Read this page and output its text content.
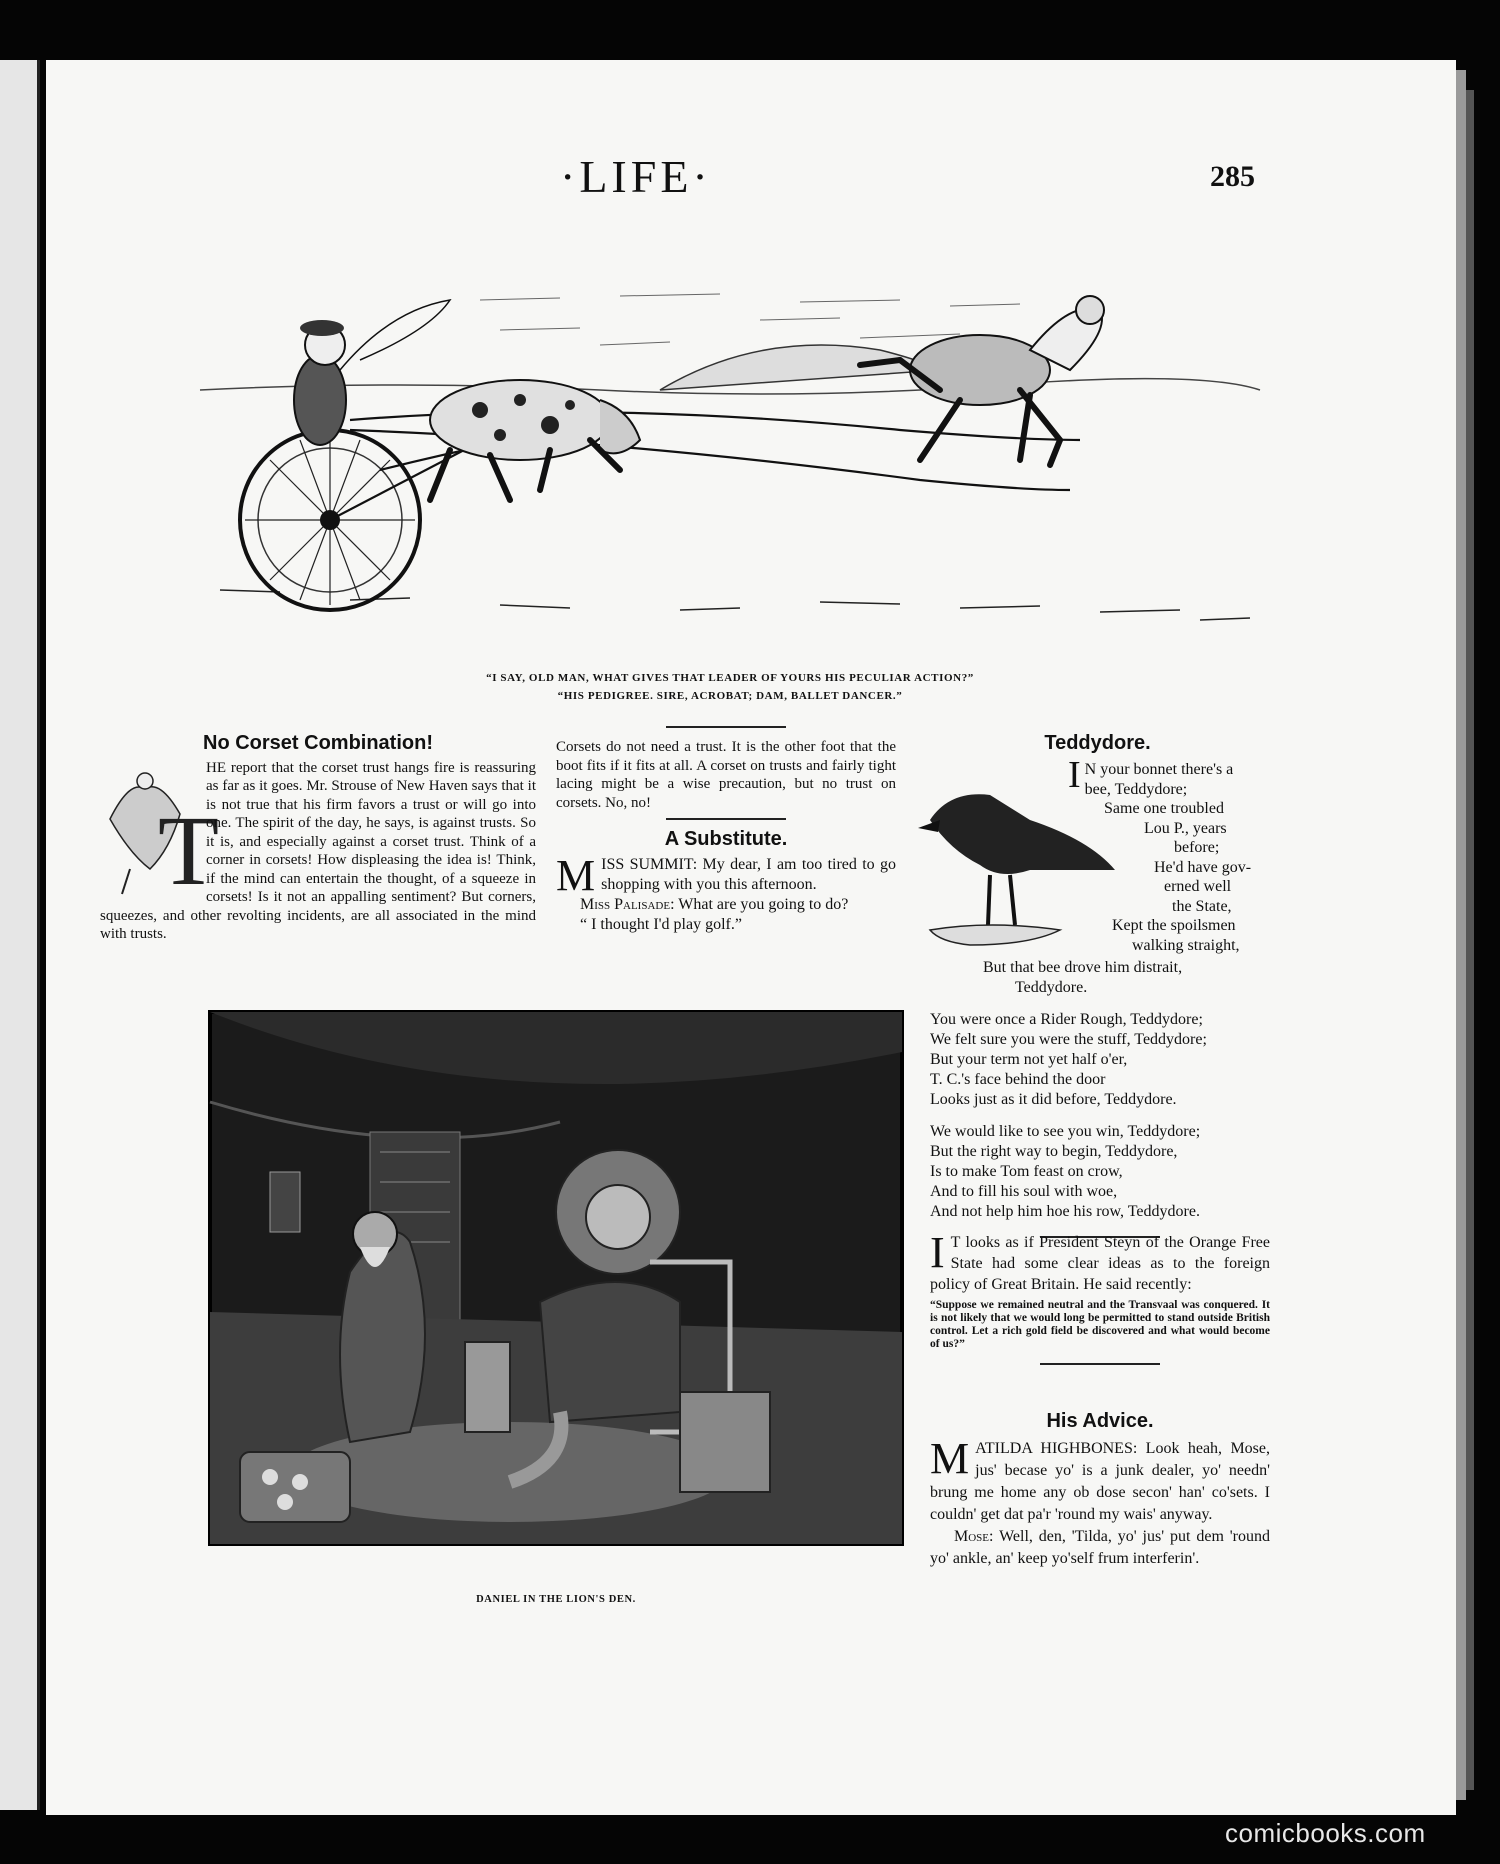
·LIFE·	285
“I SAY, OLD MAN, WHAT GIVES THAT LEADER OF YOURS HIS PECULIAR ACTION?”
“HIS PEDIGREE. SIRE, ACROBAT; DAM, BALLET DANCER.”
No Corset Combination!
T
HE report that the corset trust hangs fire is reassuring as far as it goes. Mr. Strouse of New Haven says that it is not true that his firm favors a trust or will go into one. The spirit of the day, he says, is against trusts. So it is, and especially against a corset trust. Think of a corner in corsets! How displeasing the idea is! Think, if the mind can entertain the thought, of a squeeze in corsets! Is it not an appalling sentiment? But corners, squeezes, and other revolting incidents, are all associated in the mind with trusts.
Corsets do not need a trust. It is the other foot that the boot fits if it fits at all. A corset on trusts and fairly tight lacing might be a wise precaution, but no trust on corsets. No, no!
A Substitute.
M ISS SUMMIT: My dear, I am too tired to go shopping with you this afternoon.

Miss Palisade: What are you going to do?

“ I thought I'd play golf.”

Teddydore.
I N your bonnet there's a
bee, Teddydore;
Same one troubled
Lou P., years
before;
He'd have gov-
erned well
the State,
Kept the spoilsmen
walking straight,
But that bee drove him distrait,
Teddydore.
You were once a Rider Rough, Teddydore;
We felt sure you were the stuff, Teddydore;
But your term not yet half o'er,
T. C.'s face behind the door
Looks just as it did before, Teddydore.
We would like to see you win, Teddydore;
But the right way to begin, Teddydore,
Is to make Tom feast on crow,
And to fill his soul with woe,
And not help him hoe his row, Teddydore.
I T looks as if President Steyn of the Orange Free State had some clear ideas as to the foreign policy of Great Britain. He said recently:
“Suppose we remained neutral and the Transvaal was conquered. It is not likely that we would long be permitted to stand outside British control. Let a rich gold field be discovered and what would become of us?”
His Advice.
M ATILDA HIGHBONES: Look heah, Mose, jus' becase yo' is a junk dealer, yo' needn' brung me home any ob dose secon' han' co'sets. I couldn' get dat pa'r 'round my wais' anyway.

Mose: Well, den, 'Tilda, yo' jus' put dem 'round yo' ankle, an' keep yo'self frum interferin'.

DANIEL IN THE LION'S DEN.
comicbooks.com
